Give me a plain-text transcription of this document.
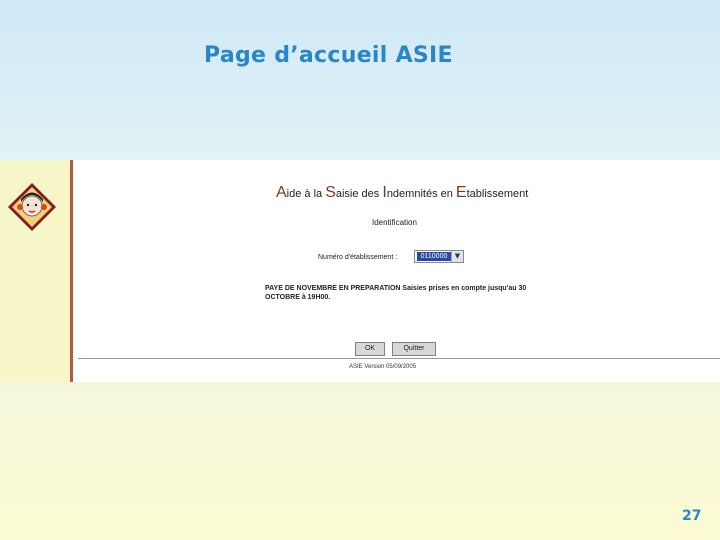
Page d’accueil ASIE
Aide à la Saisie des Indemnités en Etablissement
Identification
Numéro d'établissement :	0110000	▼
PAYE DE NOVEMBRE EN PREPARATION Saisies prises en compte jusqu'au 30 OCTOBRE à 19H00.
OK	Quitter
ASIE Version 05/09/2005
27
